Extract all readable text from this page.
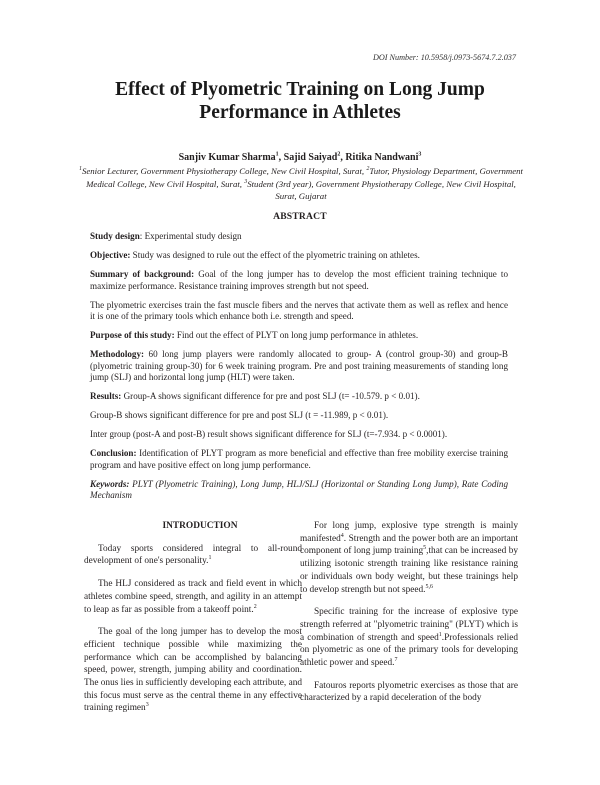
DOI Number: 10.5958/j.0973-5674.7.2.037
Effect of Plyometric Training on Long Jump
Performance in Athletes
Sanjiv Kumar Sharma$^1$, Sajid Saiyad$^2$, Ritika Nandwani$^3$
$^1$Senior Lecturer, Government Physiotherapy College, New Civil Hospital, Surat, $^2$Tutor, Physiology Department, Government Medical College, New Civil Hospital, Surat, $^3$Student (3rd year), Government Physiotherapy College, New Civil Hospital, Surat, Gujarat
ABSTRACT

Study design: Experimental study design

Objective: Study was designed to rule out the effect of the plyometric training on athletes.

Summary of background: Goal of the long jumper has to develop the most efficient training technique to maximize performance. Resistance training improves strength but not speed.

The plyometric exercises train the fast muscle fibers and the nerves that activate them as well as reflex and hence it is one of the primary tools which enhance both i.e. strength and speed.

Purpose of this study: Find out the effect of PLYT on long jump performance in athletes.

Methodology: 60 long jump players were randomly allocated to group- A (control group-30) and group-B (plyometric training group-30) for 6 week training program. Pre and post training measurements of standing long jump (SLJ) and horizontal long jump (HLT) were taken.

Results: Group-A shows significant difference for pre and post SLJ (t= -10.579. p < 0.01).

Group-B shows significant difference for pre and post SLJ (t = -11.989, p < 0.01).

Inter group (post-A and post-B) result shows significant difference for SLJ (t=-7.934. p < 0.0001).

Conclusion: Identification of PLYT program as more beneficial and effective than free mobility exercise training program and have positive effect on long jump performance.

Keywords: PLYT (Plyometric Training), Long Jump, HLJ/SLJ (Horizontal or Standing Long Jump), Rate Coding Mechanism

INTRODUCTION

Today sports considered integral to all-round development of one's personality.$^1$

The HLJ considered as track and field event in which athletes combine speed, strength, and agility in an attempt to leap as far as possible from a takeoff point.$^2$

The goal of the long jumper has to develop the most efficient technique possible while maximizing the performance which can be accomplished by balancing speed, power, strength, jumping ability and coordination. The onus lies in sufficiently developing each attribute, and this focus must serve as the central theme in any effective training regimen$^3$

For long jump, explosive type strength is mainly manifested$^4$. Strength and the power both are an important component of long jump training$^5$,that can be increased by utilizing isotonic strength training like resistance raining or individuals own body weight, but these trainings help to develop strength but not speed.$^{5,6}$

Specific training for the increase of explosive type strength referred at "plyometric training" (PLYT) which is a combination of strength and speed$^1$.Professionals relied on plyometric as one of the primary tools for developing athletic power and speed.$^7$

Fatouros reports plyometric exercises as those that are characterized by a rapid deceleration of the body
